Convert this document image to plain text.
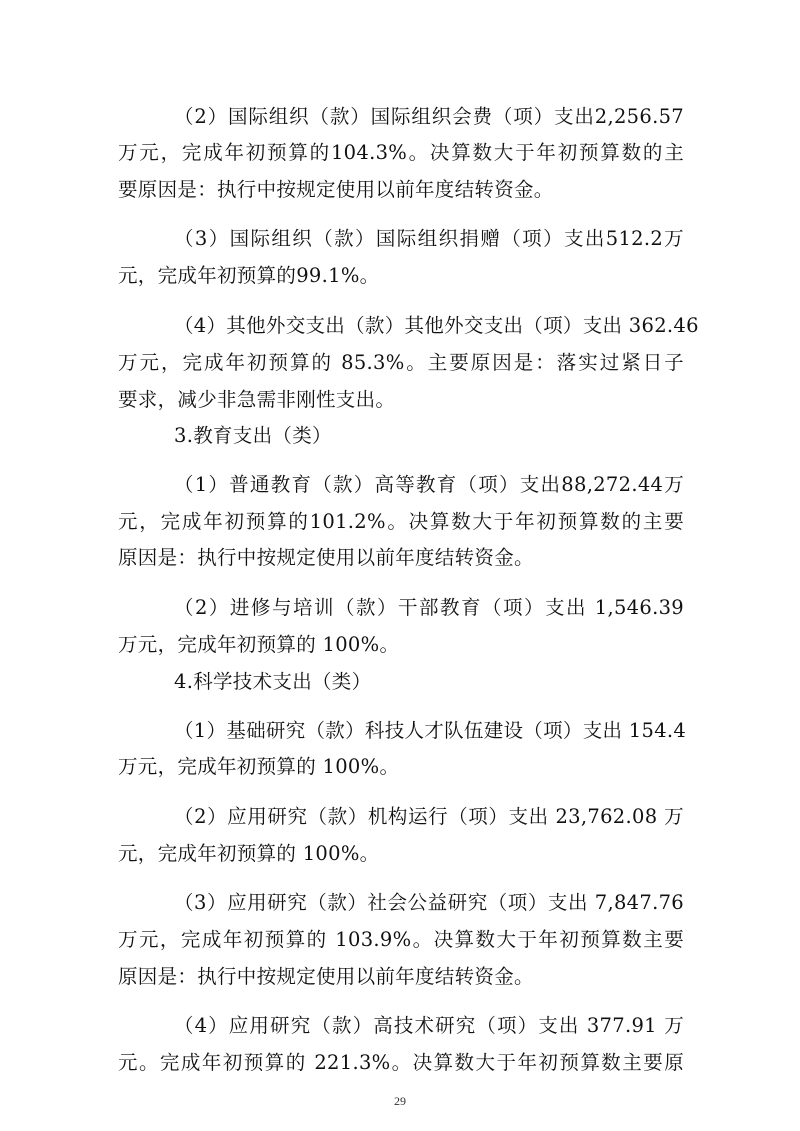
（2）国际组织（款）国际组织会费（项）支出2,256.57
万元，完成年初预算的104.3%。决算数大于年初预算数的主
要原因是：执行中按规定使用以前年度结转资金。
（3）国际组织（款）国际组织捐赠（项）支出512.2万
元，完成年初预算的99.1%。
（4）其他外交支出（款）其他外交支出（项）支出 362.46
万元，完成年初预算的 85.3%。主要原因是：落实过紧日子
要求，减少非急需非刚性支出。
3.教育支出（类）
（1）普通教育（款）高等教育（项）支出88,272.44万
元，完成年初预算的101.2%。决算数大于年初预算数的主要
原因是：执行中按规定使用以前年度结转资金。
（2）进修与培训（款）干部教育（项）支出 1,546.39
万元，完成年初预算的 100%。
4.科学技术支出（类）
（1）基础研究（款）科技人才队伍建设（项）支出 154.4
万元，完成年初预算的 100%。
（2）应用研究（款）机构运行（项）支出 23,762.08 万
元，完成年初预算的 100%。
（3）应用研究（款）社会公益研究（项）支出 7,847.76
万元，完成年初预算的 103.9%。决算数大于年初预算数主要
原因是：执行中按规定使用以前年度结转资金。
（4）应用研究（款）高技术研究（项）支出 377.91 万
元。完成年初预算的 221.3%。决算数大于年初预算数主要原
29
